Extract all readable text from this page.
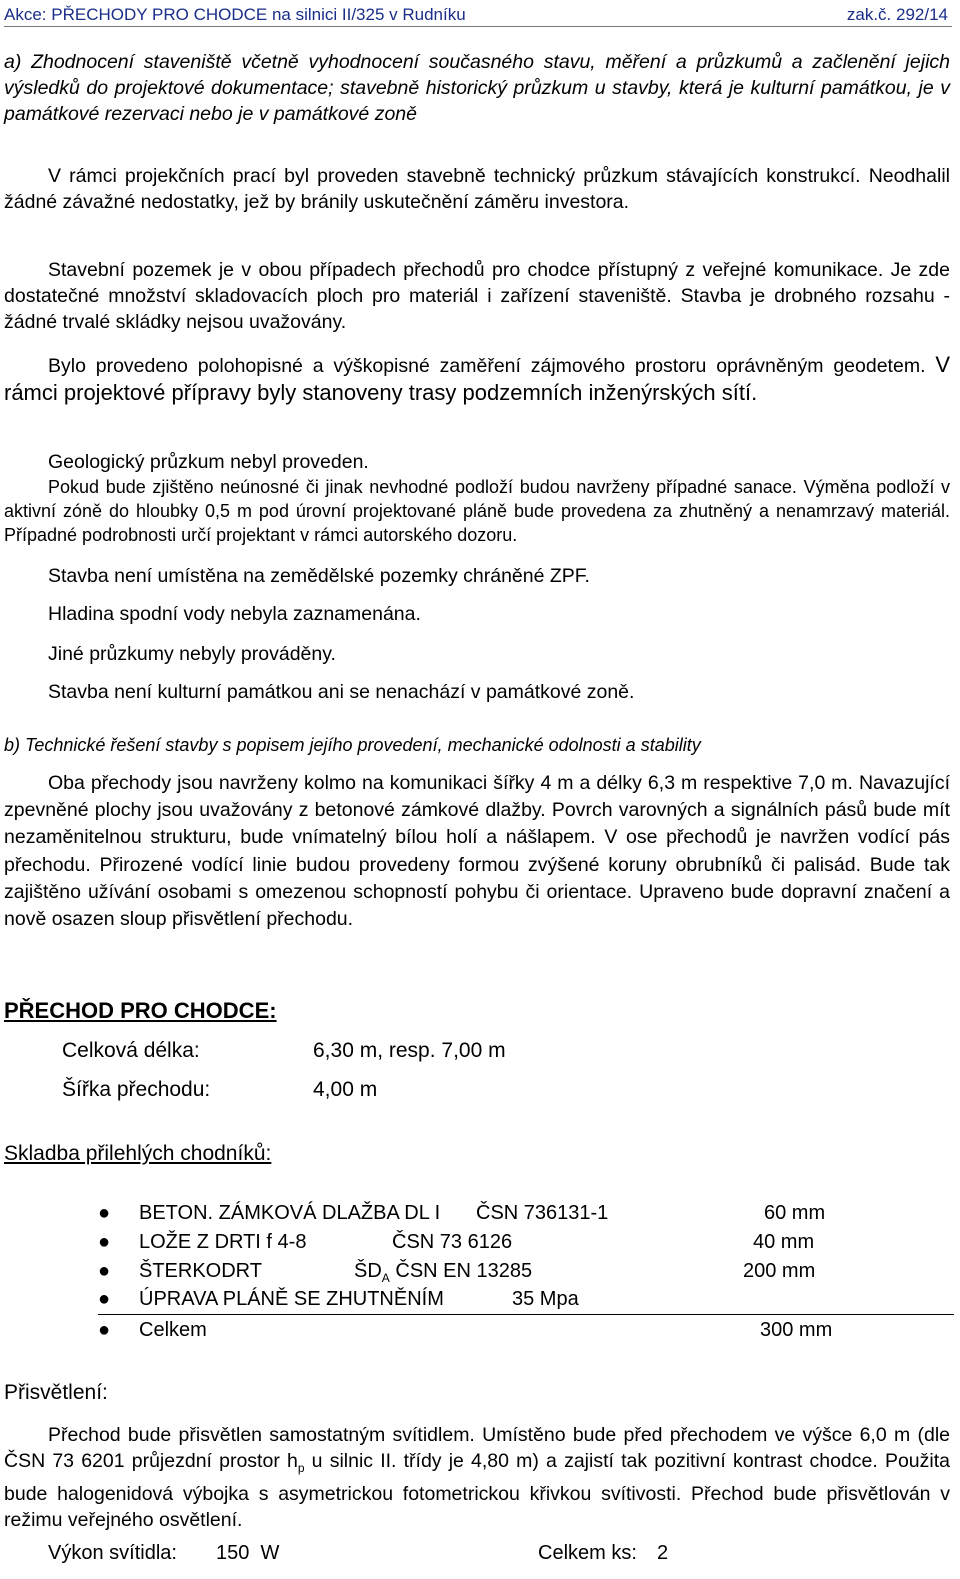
Akce: PŘECHODY PRO CHODCE na silnici II/325 v Rudníku	zak.č. 292/14
a) Zhodnocení staveniště včetně vyhodnocení současného stavu, měření a průzkumů a začlenění jejich výsledků do projektové dokumentace; stavebně historický průzkum u stavby, která je kulturní památkou, je v památkové rezervaci nebo je v památkové zoně
V rámci projekčních prací byl proveden stavebně technický průzkum stávajících konstrukcí. Neodhalil žádné závažné nedostatky, jež by bránily uskutečnění záměru investora.
Stavební pozemek je v obou případech přechodů pro chodce přístupný z veřejné komunikace. Je zde dostatečné množství skladovacích ploch pro materiál i zařízení staveniště. Stavba je drobného rozsahu - žádné trvalé skládky nejsou uvažovány.
Bylo provedeno polohopisné a výškopisné zaměření zájmového prostoru oprávněným geodetem. V rámci projektové přípravy byly stanoveny trasy podzemních inženýrských sítí.
Geologický průzkum nebyl proveden.
Pokud bude zjištěno neúnosné či jinak nevhodné podloží budou navrženy případné sanace. Výměna podloží v aktivní zóně do hloubky 0,5 m pod úrovní projektované pláně bude provedena za zhutněný a nenamrzavý materiál. Případné podrobnosti určí projektant v rámci autorského dozoru.
Stavba není umístěna na zemědělské pozemky chráněné ZPF.
Hladina spodní vody nebyla zaznamenána.
Jiné průzkumy nebyly prováděny.
Stavba není kulturní památkou ani se nenachází v památkové zoně.
b) Technické řešení stavby s popisem jejího provedení, mechanické odolnosti a stability
Oba přechody jsou navrženy kolmo na komunikaci šířky 4 m a délky 6,3 m respektive 7,0 m. Navazující zpevněné plochy jsou uvažovány z betonové zámkové dlažby. Povrch varovných a signálních pásů bude mít nezaměnitelnou strukturu, bude vnímatelný bílou holí a nášlapem. V ose přechodů je navržen vodící pás přechodu. Přirozené vodící linie budou provedeny formou zvýšené koruny obrubníků či palisád. Bude tak zajištěno užívání osobami s omezenou schopností pohybu či orientace. Upraveno bude dopravní značení a nově osazen sloup přisvětlení přechodu.
PŘECHOD PRO CHODCE:
Celková délka:	6,30 m, resp. 7,00 m
Šířka přechodu:	4,00 m
Skladba přilehlých chodníků:
● BETON. ZÁMKOVÁ DLAŽBA DL I ČSN 736131-1	60 mm
● LOŽE Z DRTI f 4-8	ČSN 73 6126	40 mm
● ŠTERKODRT	$ŠD_A$ ČSN EN 13285	200 mm
● ÚPRAVA PLÁNĚ SE ZHUTNĚNÍM	35 Mpa
● Celkem	300 mm
Přisvětlení:
Přechod bude přisvětlen samostatným svítidlem. Umístěno bude před přechodem ve výšce 6,0 m (dle ČSN 73 6201 průjezdní prostor $h_p$ u silnic II. třídy je 4,80 m) a zajistí tak pozitivní kontrast chodce. Použita bude halogenidová výbojka s asymetrickou fotometrickou křivkou svítivosti. Přechod bude přisvětlován v režimu veřejného osvětlení.
Výkon svítidla: 150  W	Celkem ks: 2
